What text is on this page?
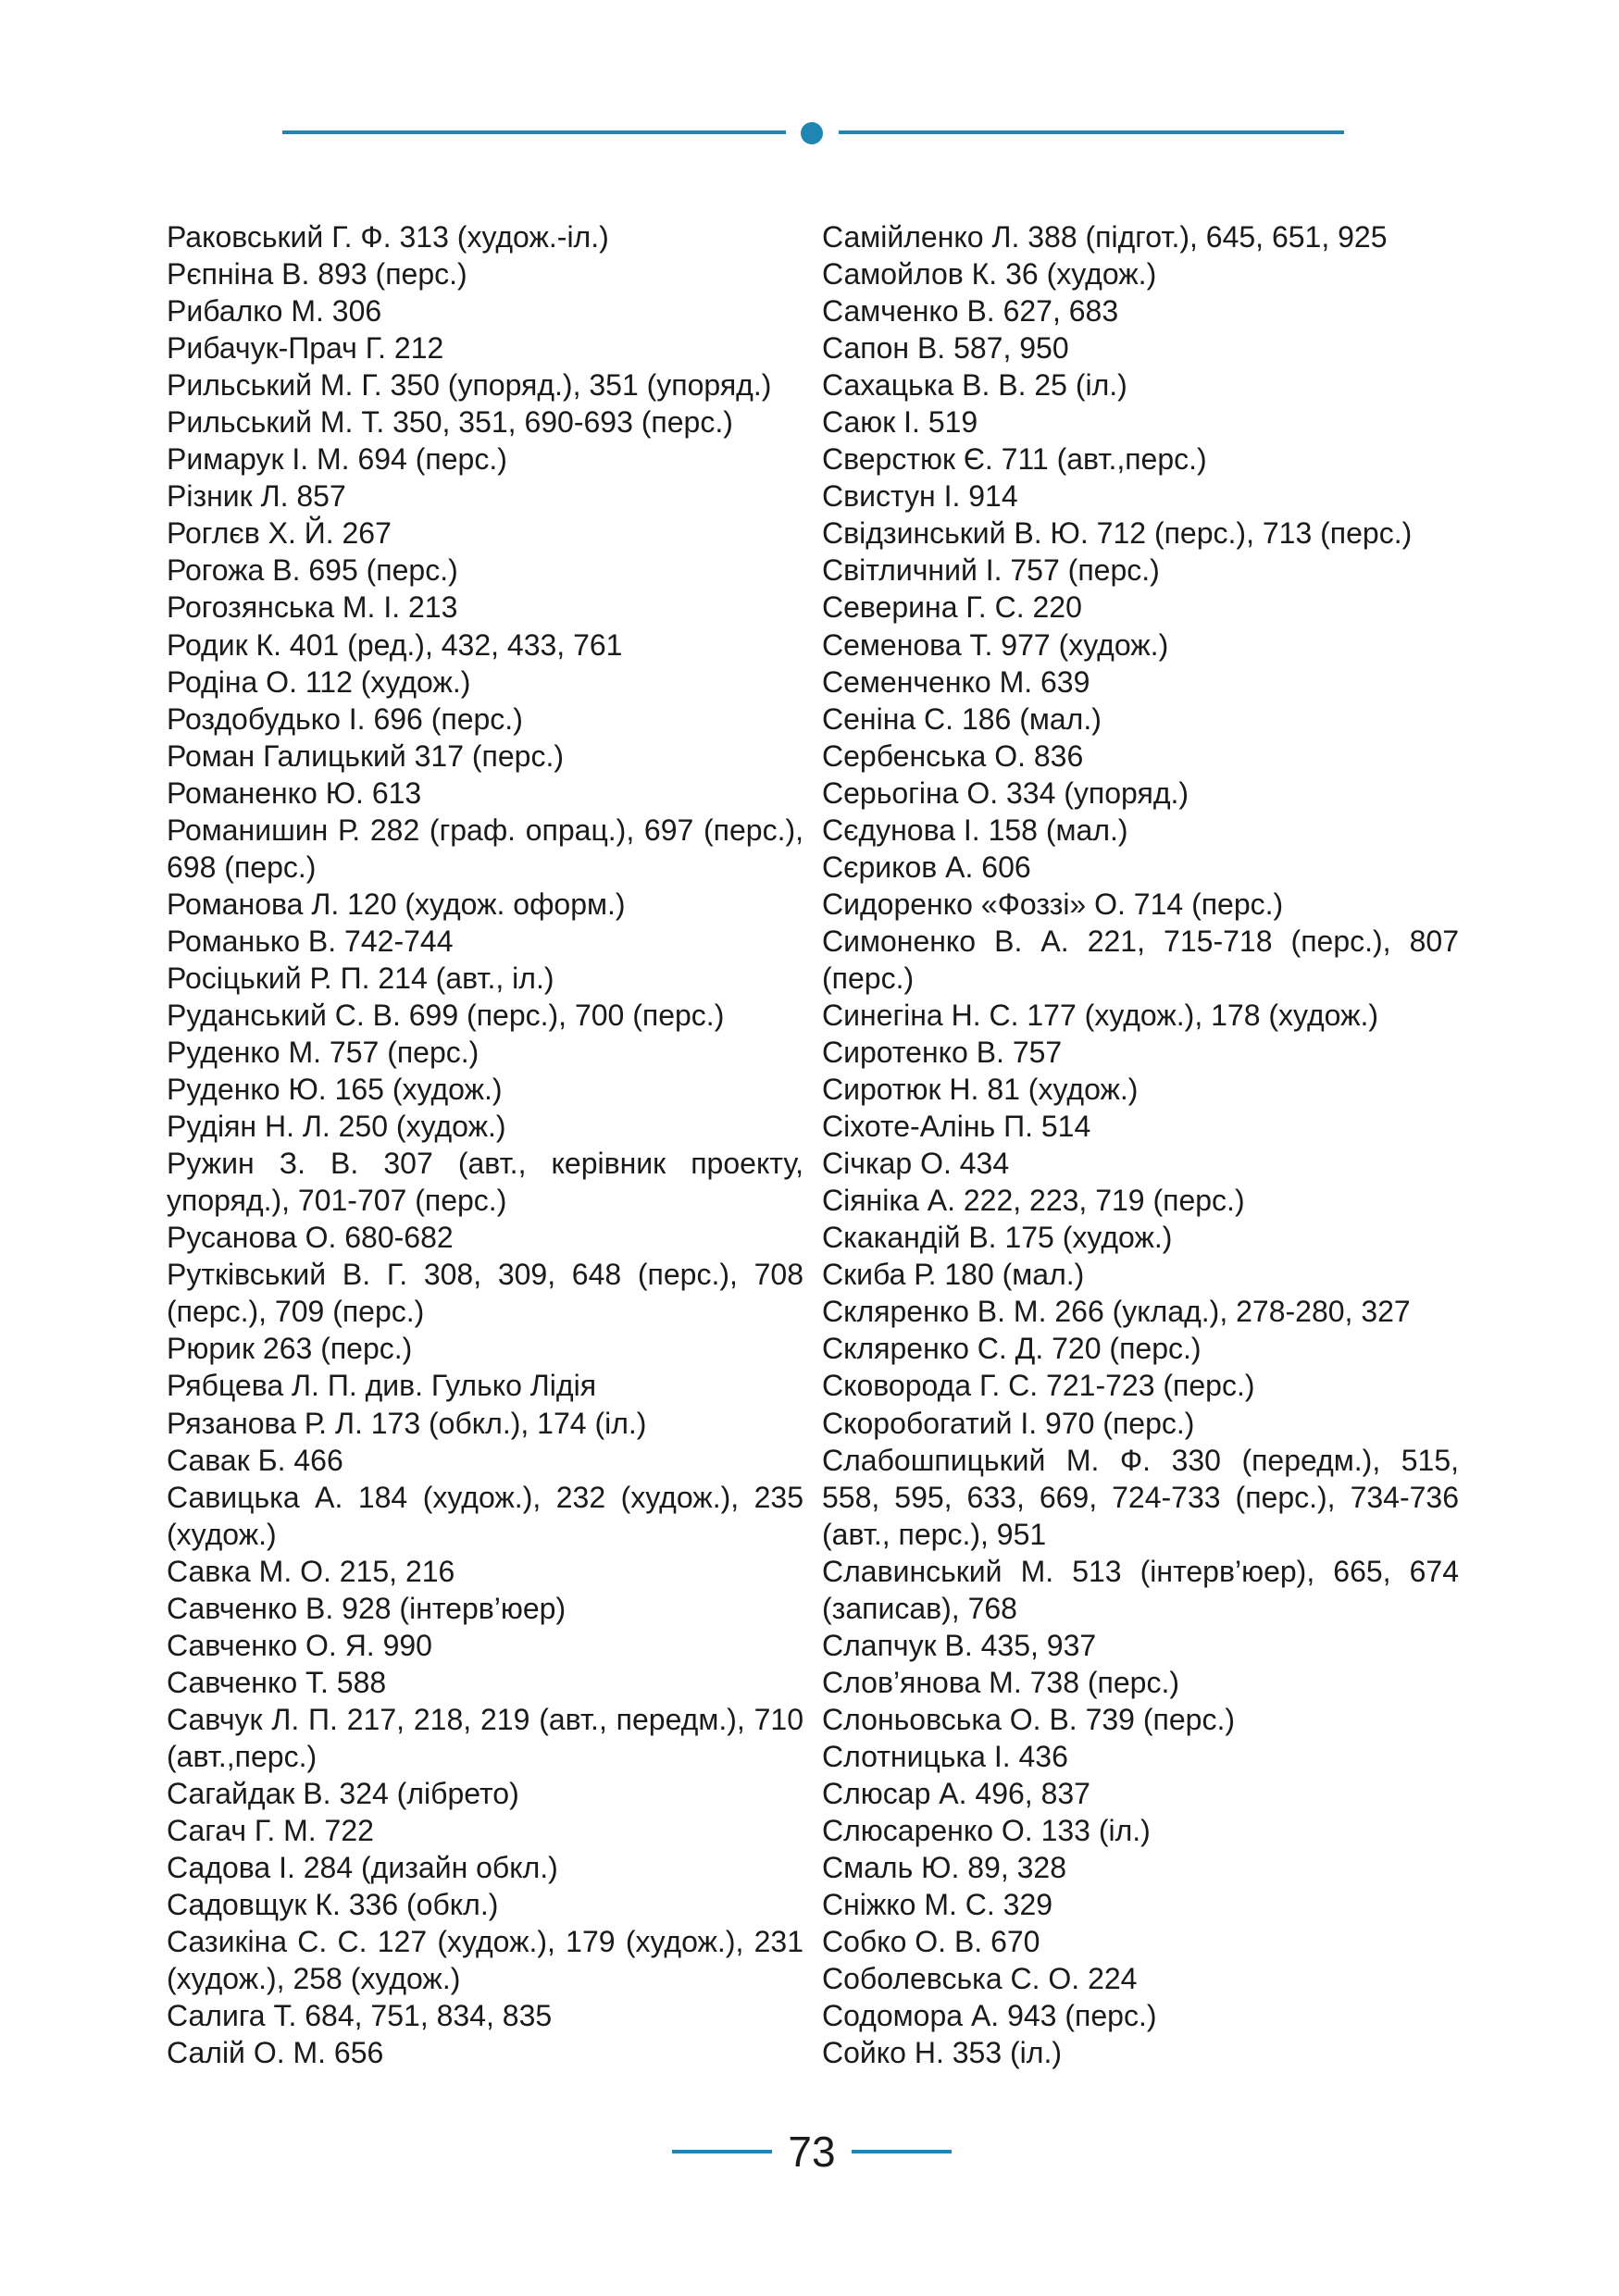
Раковський Г. Ф. 313 (худож.-іл.)

Рєпніна В. 893 (перс.)

Рибалко М. 306

Рибачук-Прач Г. 212

Рильський М. Г. 350 (упоряд.), 351 (упоряд.)

Рильський М. Т. 350, 351, 690-693 (перс.)

Римарук І. М. 694 (перс.)

Різник Л. 857

Роглєв Х. Й. 267

Рогожа В. 695 (перс.)

Рогозянська М. І. 213

Родик К. 401 (ред.), 432, 433, 761

Родіна О. 112 (худож.)

Роздобудько І. 696 (перс.)

Роман Галицький 317 (перс.)

Романенко Ю. 613

Романишин Р. 282 (граф. опрац.), 697 (перс.), 698 (перс.)

Романова Л. 120 (худож. оформ.)

Романько В. 742-744

Росіцький Р. П. 214 (авт., іл.)

Руданський С. В. 699 (перс.), 700 (перс.)

Руденко М. 757 (перс.)

Руденко Ю. 165 (худож.)

Рудіян Н. Л. 250 (худож.)

Ружин З. В. 307 (авт., керівник проекту, упоряд.), 701-707 (перс.)

Русанова О. 680-682

Рутківський В. Г. 308, 309, 648 (перс.), 708 (перс.), 709 (перс.)

Рюрик 263 (перс.)

Рябцева Л. П. див. Гулько Лідія

Рязанова Р. Л. 173 (обкл.), 174 (іл.)

Савак Б. 466

Савицька А. 184 (худож.), 232 (худож.), 235 (худож.)

Савка М. О. 215, 216

Савченко В. 928 (інтерв’юер)

Савченко О. Я. 990

Савченко Т. 588

Савчук Л. П. 217, 218, 219 (авт., передм.), 710 (авт.,перс.)

Сагайдак В. 324 (лібрето)

Сагач Г. М. 722

Садова І. 284 (дизайн обкл.)

Садовщук К. 336 (обкл.)

Сазикіна С. С. 127 (худож.), 179 (худож.), 231 (худож.), 258 (худож.)

Салига Т. 684, 751, 834, 835

Салій О. М. 656

Самійленко Л. 388 (підгот.), 645, 651, 925

Самойлов К. 36 (худож.)

Самченко В. 627, 683

Сапон В. 587, 950

Сахацька В. В. 25 (іл.)

Саюк І. 519

Сверстюк Є. 711 (авт.,перс.)

Свистун І. 914

Свідзинський В. Ю. 712 (перс.), 713 (перс.)

Світличний І. 757 (перс.)

Северина Г. С. 220

Семенова Т. 977 (худож.)

Семенченко М. 639

Сеніна С. 186 (мал.)

Сербенська О. 836

Серьогіна О. 334 (упоряд.)

Сєдунова І. 158 (мал.)

Сєриков А. 606

Сидоренко «Фоззі» О. 714 (перс.)

Симоненко В. А. 221, 715-718 (перс.), 807 (перс.)

Синегіна Н. С. 177 (худож.), 178 (худож.)

Сиротенко В. 757

Сиротюк Н. 81 (худож.)

Сіхоте-Алінь П. 514

Січкар О. 434

Сіяніка А. 222, 223, 719 (перс.)

Скакандій В. 175 (худож.)

Скиба Р. 180 (мал.)

Скляренко В. М. 266 (уклад.), 278-280, 327

Скляренко С. Д. 720 (перс.)

Сковорода Г. С. 721-723 (перс.)

Скоробогатий І. 970 (перс.)

Слабошпицький М. Ф. 330 (передм.), 515, 558, 595, 633, 669, 724-733 (перс.), 734-736 (авт., перс.), 951

Славинський М. 513 (інтерв’юер), 665, 674 (записав), 768

Слапчук В. 435, 937

Слов’янова М. 738 (перс.)

Слоньовська О. В. 739 (перс.)

Слотницька І. 436

Слюсар А. 496, 837

Слюсаренко О. 133 (іл.)

Смаль Ю. 89, 328

Сніжко М. С. 329

Собко О. В. 670

Соболевська С. О. 224

Содомора А. 943 (перс.)

Сойко Н. 353 (іл.)

73
